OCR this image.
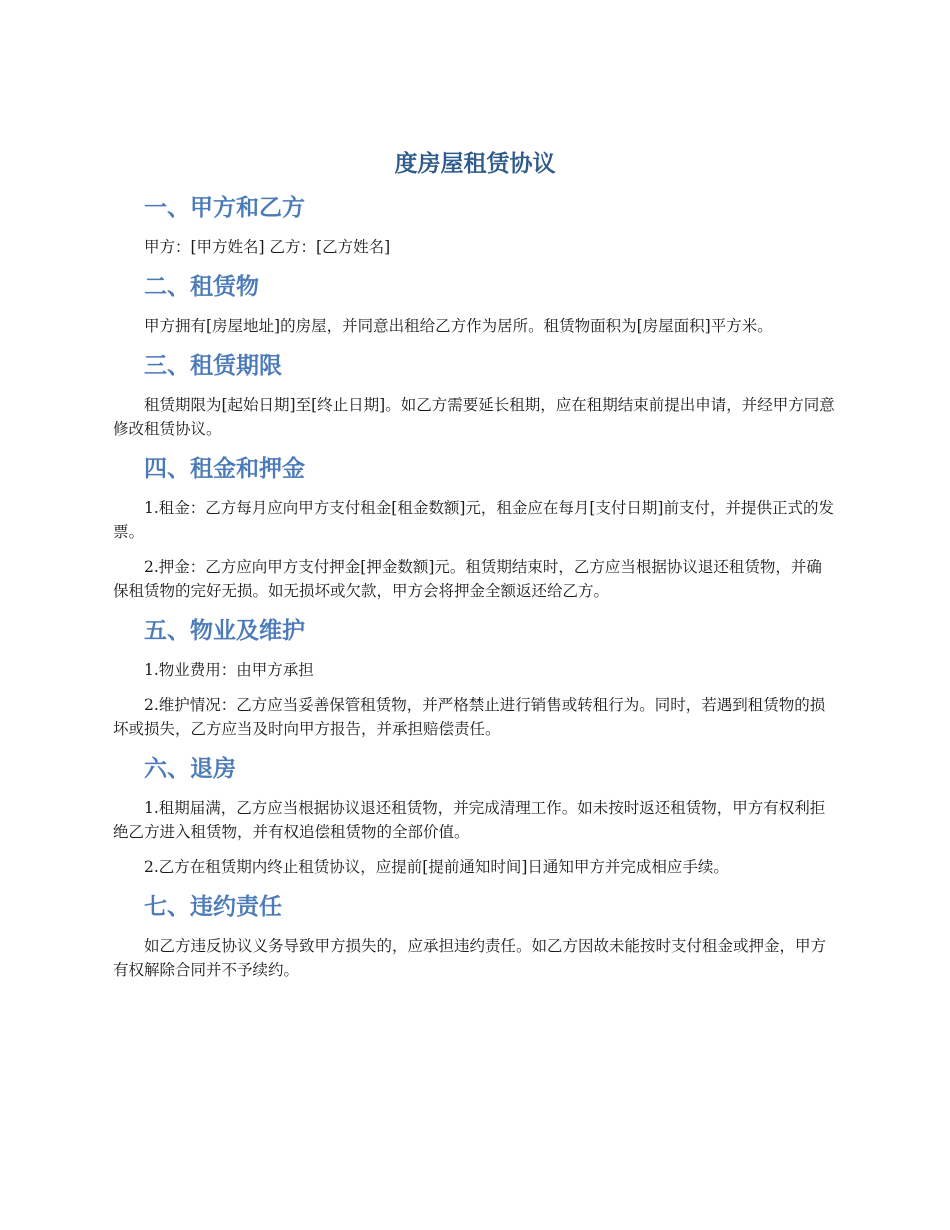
度房屋租赁协议
一、甲方和乙方

甲方：[甲方姓名] 乙方：[乙方姓名]

二、租赁物

甲方拥有[房屋地址]的房屋，并同意出租给乙方作为居所。租赁物面积为[房屋面积]平方米。

三、租赁期限

租赁期限为[起始日期]至[终止日期]。如乙方需要延长租期，应在租期结束前提出申请，并经甲方同意修改租赁协议。

四、租金和押金

1.租金：乙方每月应向甲方支付租金[租金数额]元，租金应在每月[支付日期]前支付，并提供正式的发票。

2.押金：乙方应向甲方支付押金[押金数额]元。租赁期结束时，乙方应当根据协议退还租赁物，并确保租赁物的完好无损。如无损坏或欠款，甲方会将押金全额返还给乙方。

五、物业及维护

1.物业费用：由甲方承担

2.维护情况：乙方应当妥善保管租赁物，并严格禁止进行销售或转租行为。同时，若遇到租赁物的损坏或损失，乙方应当及时向甲方报告，并承担赔偿责任。

六、退房

1.租期届满，乙方应当根据协议退还租赁物，并完成清理工作。如未按时返还租赁物，甲方有权利拒绝乙方进入租赁物，并有权追偿租赁物的全部价值。

2.乙方在租赁期内终止租赁协议，应提前[提前通知时间]日通知甲方并完成相应手续。

七、违约责任

如乙方违反协议义务导致甲方损失的，应承担违约责任。如乙方因故未能按时支付租金或押金，甲方有权解除合同并不予续约。
